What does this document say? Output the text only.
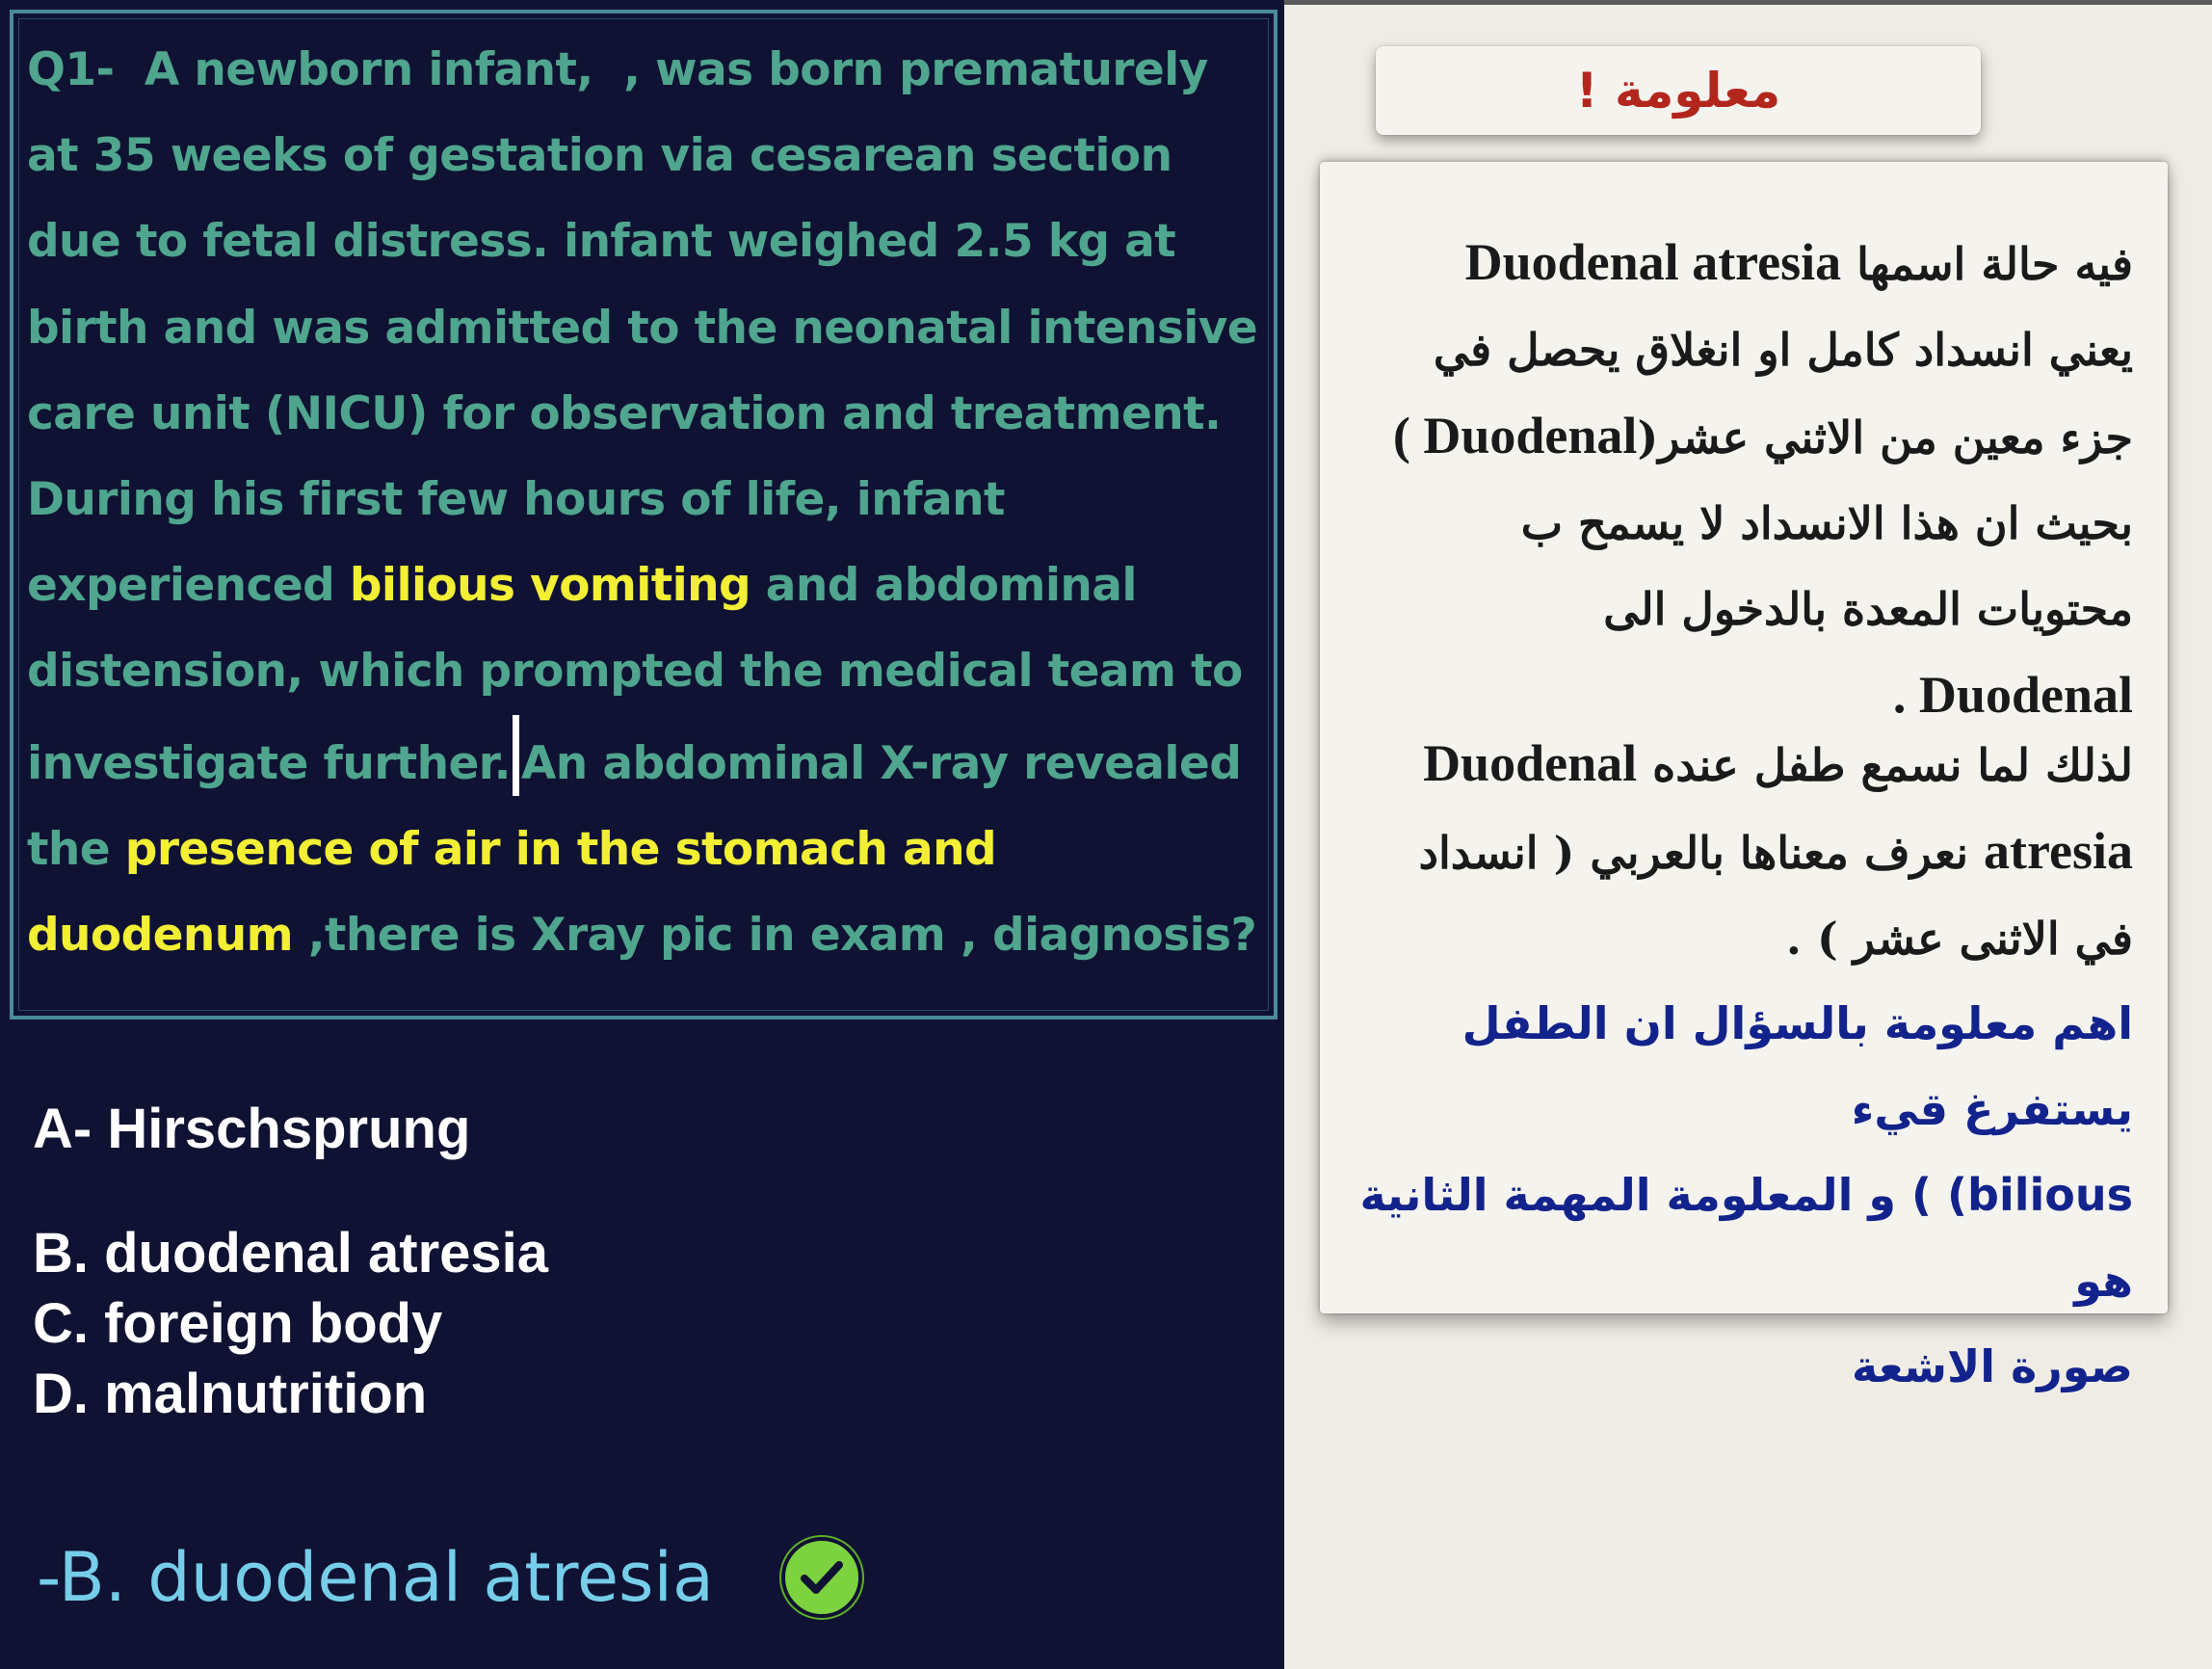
Q1-  A newborn infant,  , was born prematurely
at 35 weeks of gestation via cesarean section
due to fetal distress. infant weighed 2.5 kg at
birth and was admitted to the neonatal intensive
care unit (NICU) for observation and treatment.
During his first few hours of life, infant
experienced bilious vomiting and abdominal
distension, which prompted the medical team to
investigate further. An abdominal X-ray revealed
the presence of air in the stomach and
duodenum ,there is Xray pic in exam , diagnosis?

A- Hirschsprung

B. duodenal atresia

C. foreign body

D. malnutrition

-B. duodenal atresia
معلومة !

فيه حالة اسمها Duodenal atresia
يعني انسداد كامل او انغلاق يحصل في
جزء معين من الاثني عشر(Duodenal )
بحيث ان هذا الانسداد لا يسمح ب
محتويات المعدة بالدخول الى
Duodenal .

لذلك لما نسمع طفل عنده Duodenal
atresia نعرف معناها بالعربي ( انسداد
في الاثنى عشر ) .

اهم معلومة بالسؤال ان الطفل يستفرغ قيء
(bilious ) و المعلومة المهمة الثانية هو
صورة الاشعة
